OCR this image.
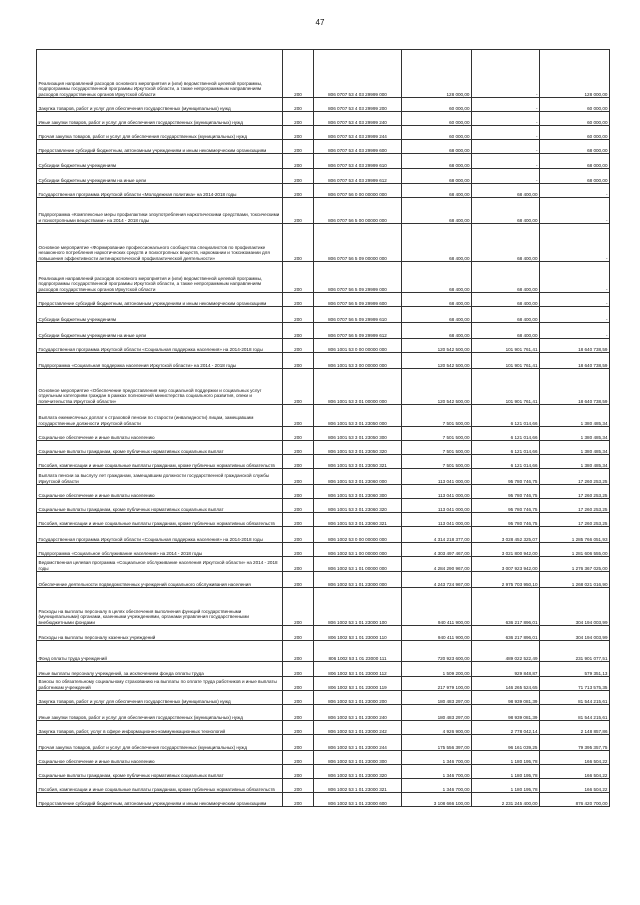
47
Реализация направлений расходов основного мероприятия и (или) ведомственной целевой программы, подпрограммы государственной программы Иркутской области, а также непрограммным направлениям расходов государственных органов Иркутской области	200	806 0707 53 4 03 29999 000	128 000,00	-	128 000,00
Закупка товаров, работ и услуг для обеспечения государственных (муниципальных) нужд	200	806 0707 53 4 03 29999 200	60 000,00	-	60 000,00
Иные закупки товаров, работ и услуг для обеспечения государственных (муниципальных) нужд	200	806 0707 53 4 03 29999 240	60 000,00	-	60 000,00
Прочая закупка товаров, работ и услуг для обеспечения государственных (муниципальных) нужд	200	806 0707 53 4 03 29999 244	60 000,00	-	60 000,00
Предоставление субсидий бюджетным, автономным учреждениям и иным некоммерческим организациям	200	806 0707 53 4 03 29999 600	68 000,00	-	68 000,00
Субсидии бюджетным учреждениям	200	806 0707 53 4 03 29999 610	68 000,00	-	68 000,00
Субсидии бюджетным учреждениям на иные цели	200	806 0707 53 4 03 29999 612	68 000,00	-	68 000,00
Государственная программа Иркутской области «Молодежная политика» на 2014-2018 годы	200	806 0707 56 0 00 00000 000	68 400,00	68 400,00	-
Подпрограмма «Комплексные меры профилактики злоупотребления наркотическими средствами, токсическими и психотропными веществами» на 2014 - 2018 годы	200	806 0707 56 5 00 00000 000	68 400,00	68 400,00	-
Основное мероприятие «Формирование профессионального сообщества специалистов по профилактике незаконного потребления наркотических средств и психотропных веществ, наркомании и токсикомании для повышения эффективности антинаркотической профилактической деятельности»	200	806 0707 56 5 09 00000 000	68 400,00	68 400,00	-
Реализация направлений расходов основного мероприятия и (или) ведомственной целевой программы, подпрограммы государственной программы Иркутской области, а также непрограммным направлениям расходов государственных органов Иркутской области	200	806 0707 56 5 09 29999 000	68 400,00	68 400,00	-
Предоставление субсидий бюджетным, автономным учреждениям и иным некоммерческим организациям	200	806 0707 56 5 09 29999 600	68 400,00	68 400,00	-
Субсидии бюджетным учреждениям	200	806 0707 56 5 09 29999 610	68 400,00	68 400,00	-
Субсидии бюджетным учреждениям на иные цели	200	806 0707 56 5 09 29999 612	68 400,00	68 400,00	-
Государственная программа Иркутской области «Социальная поддержка населения» на 2014-2018 годы	200	806 1001 53 0 00 00000 000	120 542 500,00	101 901 761,41	18 640 738,59
Подпрограмма «Социальная поддержка населения Иркутской области» на 2014 - 2018 годы	200	806 1001 53 3 00 00000 000	120 542 500,00	101 901 761,41	18 640 738,59
Основное мероприятие «Обеспечение предоставления мер социальной поддержки и социальных услуг отдельным категориям граждан в рамках полномочий министерства социального развития, опеки и попечительства Иркутской области»	200	806 1001 53 3 01 00000 000	120 542 500,00	101 901 761,41	18 640 738,59
Выплата ежемесячных доплат к страховой пенсии по старости (инвалидности) лицам, замещавшим государственные должности Иркутской области	200	806 1001 53 3 01 23050 000	7 501 500,00	6 121 014,66	1 380 485,34
Социальное обеспечение и иные выплаты населению	200	806 1001 53 3 01 23050 300	7 501 500,00	6 121 014,66	1 380 485,34
Социальные выплаты гражданам, кроме публичных нормативных социальных выплат	200	806 1001 53 3 01 23050 320	7 501 500,00	6 121 014,66	1 380 485,34
Пособия, компенсации и иные социальные выплаты гражданам, кроме публичных нормативных обязательств	200	806 1001 53 3 01 23050 321	7 501 500,00	6 121 014,66	1 380 485,34
Выплата пенсии за выслугу лет гражданам, замещавшим должности государственной гражданской службы Иркутской области	200	806 1001 53 3 01 23060 000	113 041 000,00	95 780 746,75	17 260 253,25
Социальное обеспечение и иные выплаты населению	200	806 1001 53 3 01 23060 300	113 041 000,00	95 780 746,75	17 260 253,25
Социальные выплаты гражданам, кроме публичных нормативных социальных выплат	200	806 1001 53 3 01 23060 320	113 041 000,00	95 780 746,75	17 260 253,25
Пособия, компенсации и иные социальные выплаты гражданам, кроме публичных нормативных обязательств	200	806 1001 53 3 01 23060 321	113 041 000,00	95 780 746,75	17 260 253,25
Государственная программа Иркутской области «Социальная поддержка населения» на 2014-2018 годы	200	806 1002 53 0 00 00000 000	4 314 218 377,00	3 028 452 325,07	1 285 766 051,93
Подпрограмма «Социальное обслуживание населения» на 2014 - 2018 годы	200	806 1002 53 1 00 00000 000	4 303 497 467,00	3 021 800 942,00	1 281 606 555,00
Ведомственная целевая программа «Социальное обслуживание населения Иркутской области» на 2014 - 2018 годы	200	806 1002 53 1 01 00000 000	4 284 290 967,00	3 007 923 942,00	1 276 367 025,00
Обеспечение деятельности подведомственных учреждений социального обслуживания населения	200	806 1002 53 1 01 23000 000	4 243 724 967,00	2 975 703 950,10	1 268 021 016,90
Расходы на выплаты персоналу в целях обеспечения выполнения функций государственными (муниципальными) органами, казенными учреждениями, органами управления государственными внебюджетными фондами	200	806 1002 53 1 01 23000 100	940 411 900,00	636 217 896,01	304 194 003,99
Расходы на выплаты персоналу казенных учреждений	200	806 1002 53 1 01 23000 110	940 411 900,00	636 217 896,01	304 194 003,99
Фонд оплаты труда учреждений	200	806 1002 53 1 01 23000 111	720 923 600,00	489 022 522,49	231 901 077,51
Иные выплаты персоналу учреждений, за исключением фонда оплаты труда	200	806 1002 53 1 01 23000 112	1 509 200,00	929 848,87	579 351,13
Взносы по обязательному социальному страхованию на выплаты по оплате труда работников и иные выплаты работникам учреждений	200	806 1002 53 1 01 23000 119	217 979 100,00	146 265 524,65	71 713 575,35
Закупка товаров, работ и услуг для обеспечения государственных (муниципальных) нужд	200	806 1002 53 1 01 23000 200	180 483 297,00	98 939 081,39	81 544 215,61
Иные закупки товаров, работ и услуг для обеспечения государственных (муниципальных) нужд	200	806 1002 53 1 01 23000 240	180 483 297,00	98 939 081,39	81 544 215,61
Закупка товаров, работ, услуг в сфере информационно-коммуникационных технологий	200	806 1002 53 1 01 23000 242	4 926 900,00	2 778 042,14	2 148 857,86
Прочая закупка товаров, работ и услуг для обеспечения государственных (муниципальных) нужд	200	806 1002 53 1 01 23000 244	175 556 397,00	96 161 039,25	79 395 357,75
Социальное обеспечение и иные выплаты населению	200	806 1002 53 1 01 23000 300	1 346 700,00	1 180 195,78	166 504,22
Социальные выплаты гражданам, кроме публичных нормативных социальных выплат	200	806 1002 53 1 01 23000 320	1 346 700,00	1 180 195,78	166 504,22
Пособия, компенсации и иные социальные выплаты гражданам, кроме публичных нормативных обязательств	200	806 1002 53 1 01 23000 321	1 346 700,00	1 180 195,78	166 504,22
Предоставление субсидий бюджетным, автономным учреждениям и иным некоммерческим организациям	200	806 1002 53 1 01 23000 600	3 108 666 100,00	2 231 245 400,00	876 420 700,00
